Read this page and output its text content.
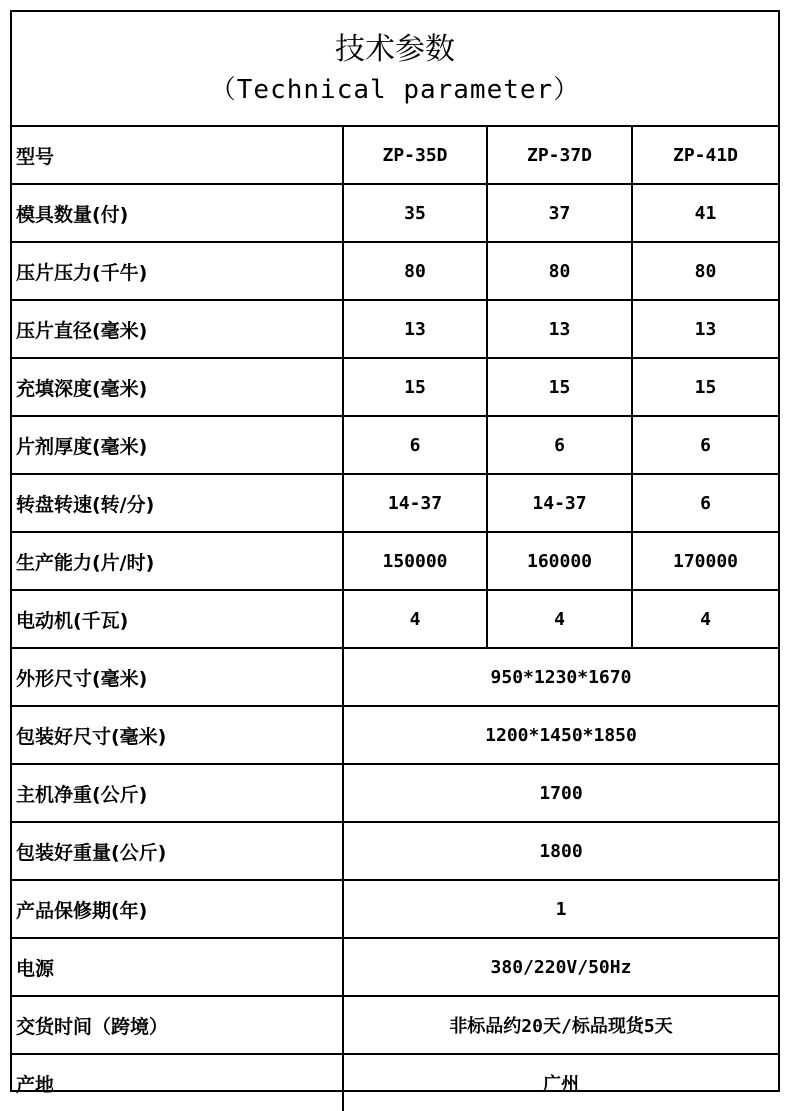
技术参数
（Technical parameter）
型号	ZP-35D	ZP-37D	ZP-41D
模具数量(付)	35	37	41
压片压力(千牛)	80	80	80
压片直径(毫米)	13	13	13
充填深度(毫米)	15	15	15
片剂厚度(毫米)	6	6	6
转盘转速(转/分)	14-37	14-37	6
生产能力(片/时)	150000	160000	170000
电动机(千瓦)	4	4	4
外形尺寸(毫米)	950*1230*1670		
包装好尺寸(毫米)	1200*1450*1850		
主机净重(公斤)	1700		
包装好重量(公斤)	1800		
产品保修期(年)	1		
电源	380/220V/50Hz		
交货时间（跨境）	非标品约20天/标品现货5天		
产地	广州		
